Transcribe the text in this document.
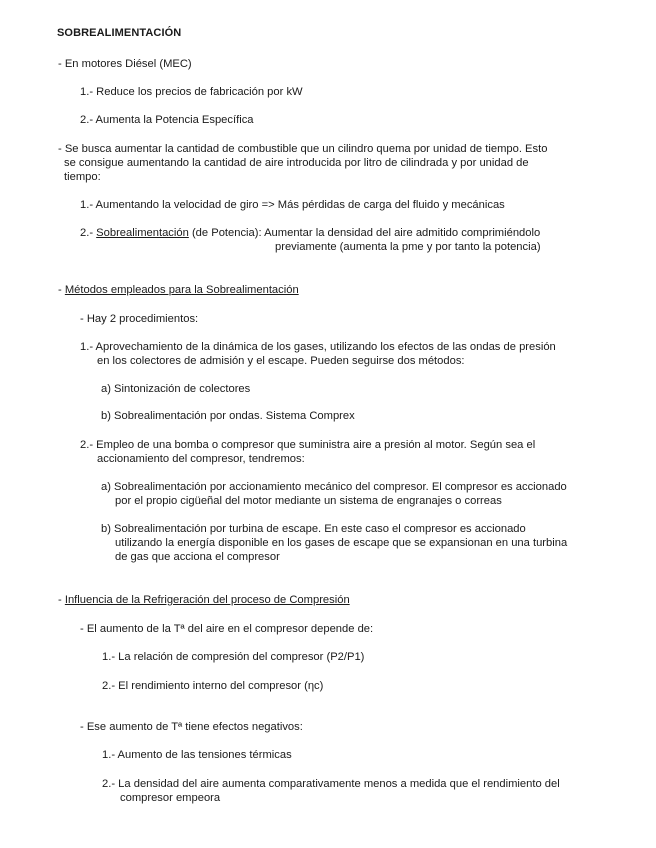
SOBREALIMENTACIÓN
- En motores Diésel (MEC)
1.- Reduce los precios de fabricación por kW
2.- Aumenta la Potencia Específica
- Se busca aumentar la cantidad de combustible que un cilindro quema por unidad de tiempo. Esto
se consigue aumentando la cantidad de aire introducida por litro de cilindrada y por unidad de
tiempo:
1.- Aumentando la velocidad de giro => Más pérdidas de carga del fluido y mecánicas
2.- Sobrealimentación (de Potencia): Aumentar la densidad del aire admitido comprimiéndolo
previamente (aumenta la pme y por tanto la potencia)
- Métodos empleados para la Sobrealimentación
- Hay 2 procedimientos:
1.- Aprovechamiento de la dinámica de los gases, utilizando los efectos de las ondas de presión
en los colectores de admisión y el escape. Pueden seguirse dos métodos:
a) Sintonización de colectores
b) Sobrealimentación por ondas. Sistema Comprex
2.- Empleo de una bomba o compresor que suministra aire a presión al motor. Según sea el
accionamiento del compresor, tendremos:
a) Sobrealimentación por accionamiento mecánico del compresor. El compresor es accionado
por el propio cigüeñal del motor mediante un sistema de engranajes o correas
b) Sobrealimentación por turbina de escape. En este caso el compresor es accionado
utilizando la energía disponible en los gases de escape que se expansionan en una turbina
de gas que acciona el compresor
- Influencia de la Refrigeración del proceso de Compresión
- El aumento de la Tª del aire en el compresor depende de:
1.- La relación de compresión del compresor (P2/P1)
2.- El rendimiento interno del compresor (ηc)
- Ese aumento de Tª tiene efectos negativos:
1.- Aumento de las tensiones térmicas
2.- La densidad del aire aumenta comparativamente menos a medida que el rendimiento del
compresor empeora
